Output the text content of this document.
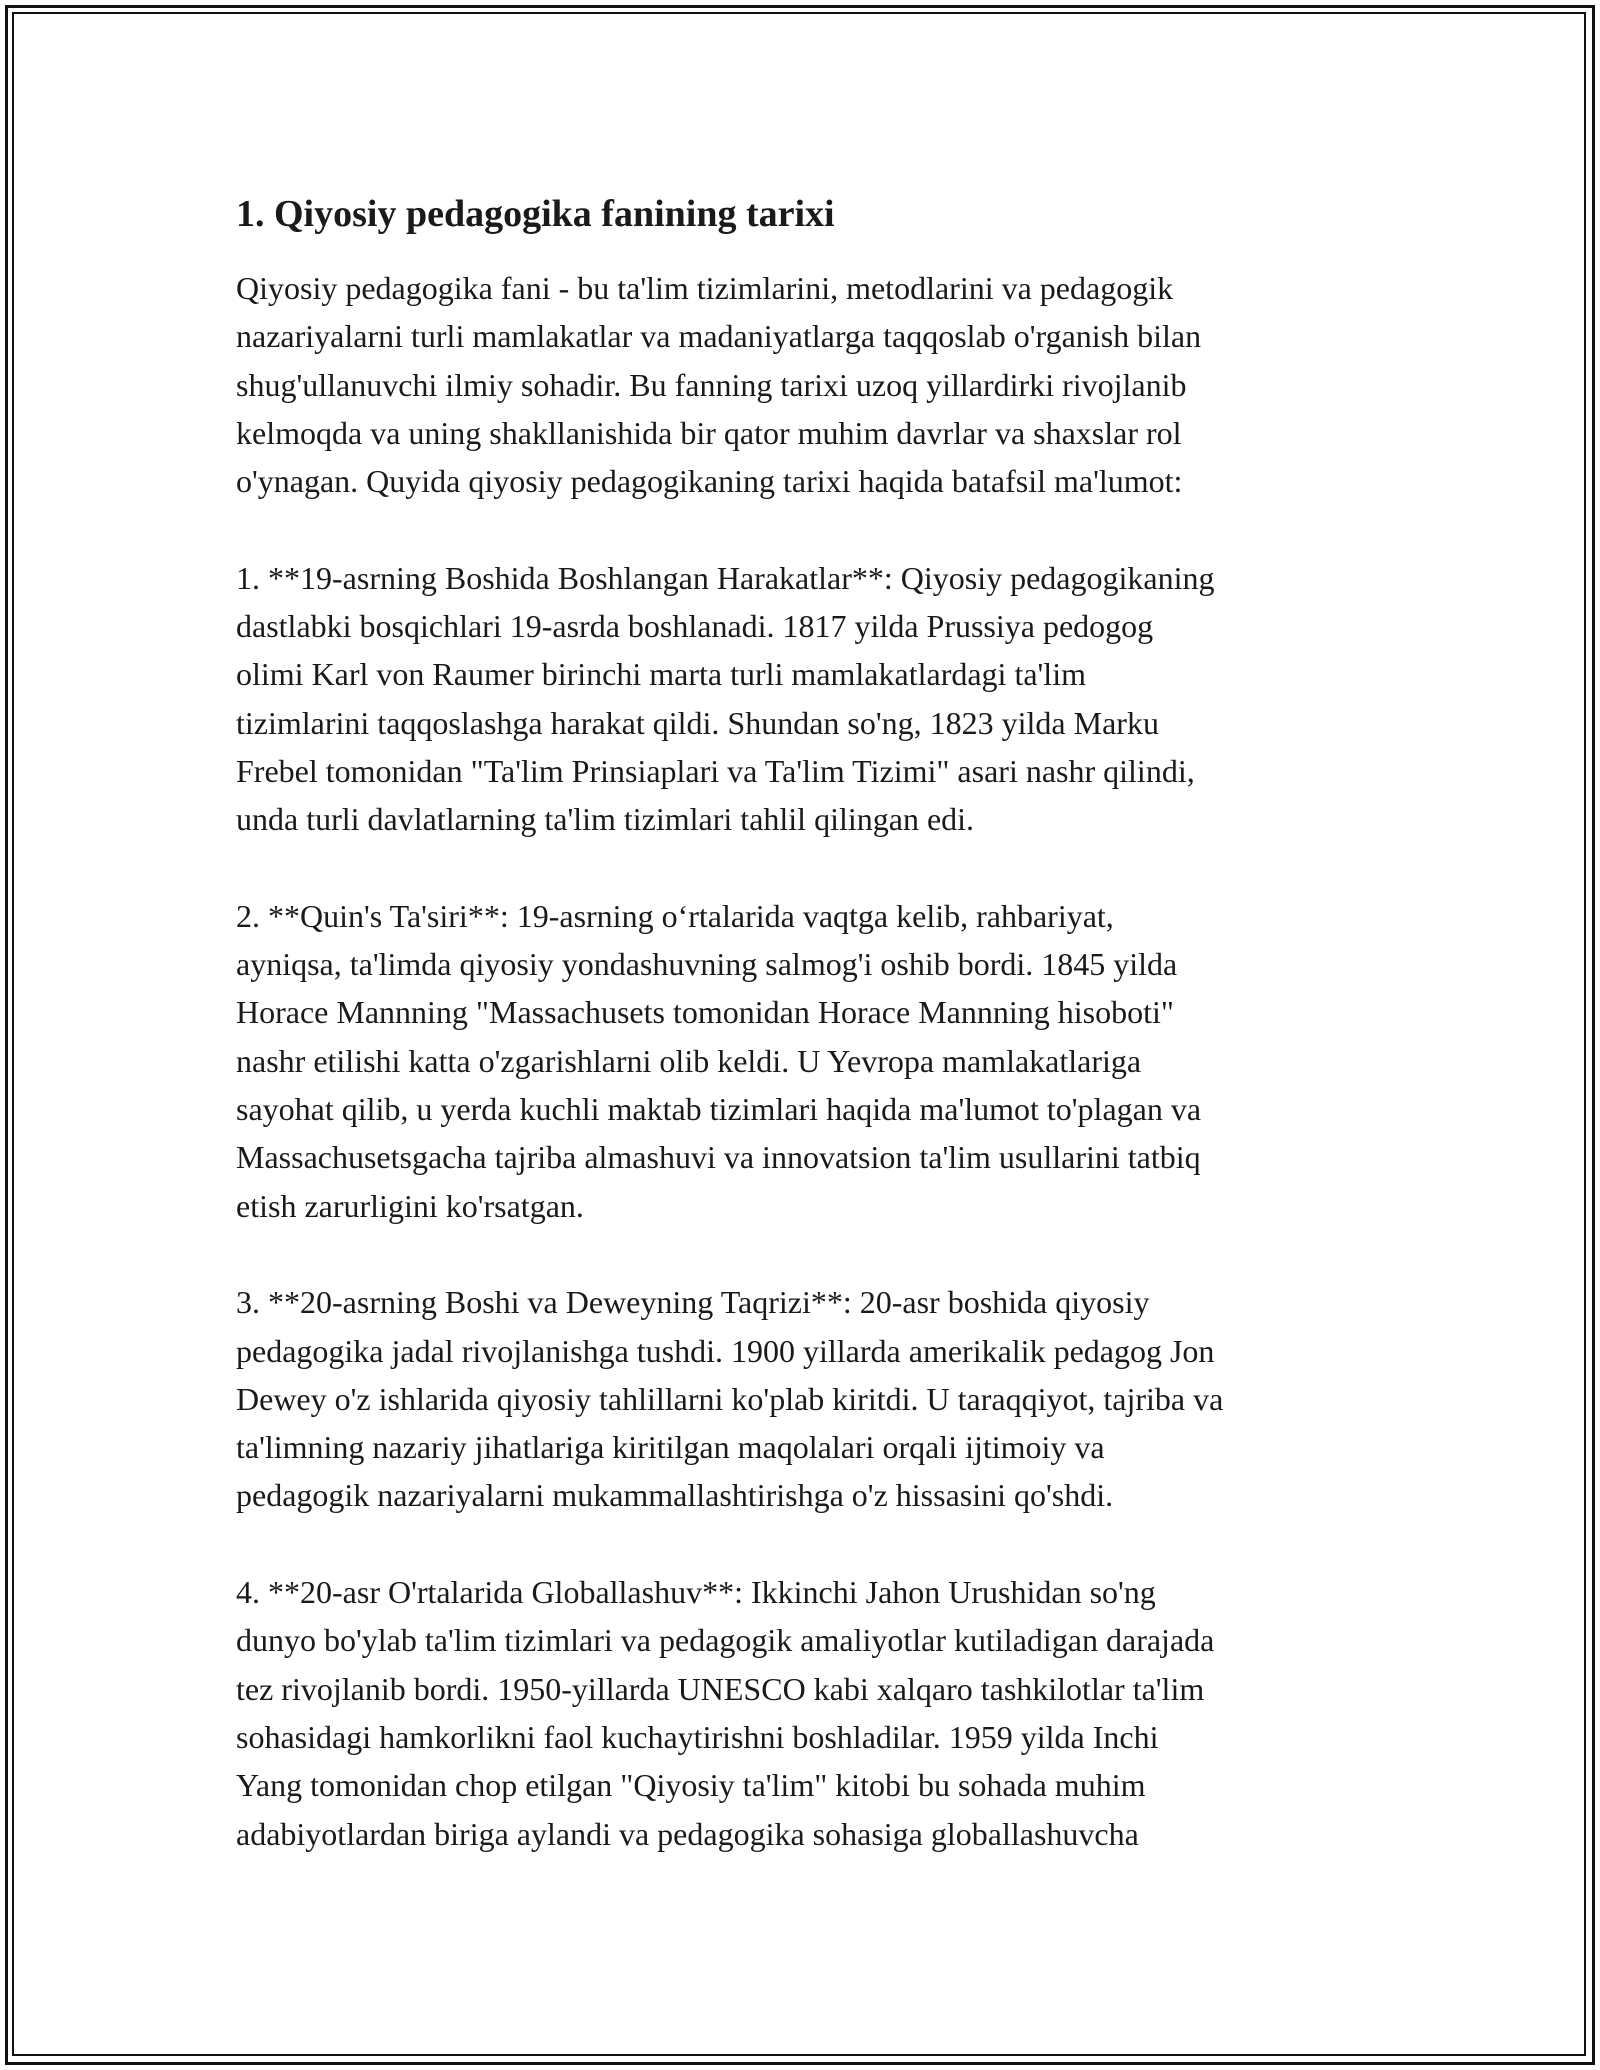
1. Qiyosiy pedagogika fanining tarixi

Qiyosiy pedagogika fani - bu ta'lim tizimlarini, metodlarini va pedagogik
nazariyalarni turli mamlakatlar va madaniyatlarga taqqoslab o'rganish bilan
shug'ullanuvchi ilmiy sohadir. Bu fanning tarixi uzoq yillardirki rivojlanib
kelmoqda va uning shakllanishida bir qator muhim davrlar va shaxslar rol
o'ynagan. Quyida qiyosiy pedagogikaning tarixi haqida batafsil ma'lumot:

1. **19-asrning Boshida Boshlangan Harakatlar**: Qiyosiy pedagogikaning
dastlabki bosqichlari 19-asrda boshlanadi. 1817 yilda Prussiya pedogog
olimi Karl von Raumer birinchi marta turli mamlakatlardagi ta'lim
tizimlarini taqqoslashga harakat qildi. Shundan so'ng, 1823 yilda Marku
Frebel tomonidan "Ta'lim Prinsiaplari va Ta'lim Tizimi" asari nashr qilindi,
unda turli davlatlarning ta'lim tizimlari tahlil qilingan edi.

2. **Quin's Ta'siri**: 19-asrning o‘rtalarida vaqtga kelib, rahbariyat,
ayniqsa, ta'limda qiyosiy yondashuvning salmog'i oshib bordi. 1845 yilda
Horace Mannning "Massachusets tomonidan Horace Mannning hisoboti"
nashr etilishi katta o'zgarishlarni olib keldi. U Yevropa mamlakatlariga
sayohat qilib, u yerda kuchli maktab tizimlari haqida ma'lumot to'plagan va
Massachusetsgacha tajriba almashuvi va innovatsion ta'lim usullarini tatbiq
etish zarurligini ko'rsatgan.

3. **20-asrning Boshi va Deweyning Taqrizi**: 20-asr boshida qiyosiy
pedagogika jadal rivojlanishga tushdi. 1900 yillarda amerikalik pedagog Jon
Dewey o'z ishlarida qiyosiy tahlillarni ko'plab kiritdi. U taraqqiyot, tajriba va
ta'limning nazariy jihatlariga kiritilgan maqolalari orqali ijtimoiy va
pedagogik nazariyalarni mukammallashtirishga o'z hissasini qo'shdi.

4. **20-asr O'rtalarida Globallashuv**: Ikkinchi Jahon Urushidan so'ng
dunyo bo'ylab ta'lim tizimlari va pedagogik amaliyotlar kutiladigan darajada
tez rivojlanib bordi. 1950-yillarda UNESCO kabi xalqaro tashkilotlar ta'lim
sohasidagi hamkorlikni faol kuchaytirishni boshladilar. 1959 yilda Inchi
Yang tomonidan chop etilgan "Qiyosiy ta'lim" kitobi bu sohada muhim
adabiyotlardan biriga aylandi va pedagogika sohasiga globallashuvcha
